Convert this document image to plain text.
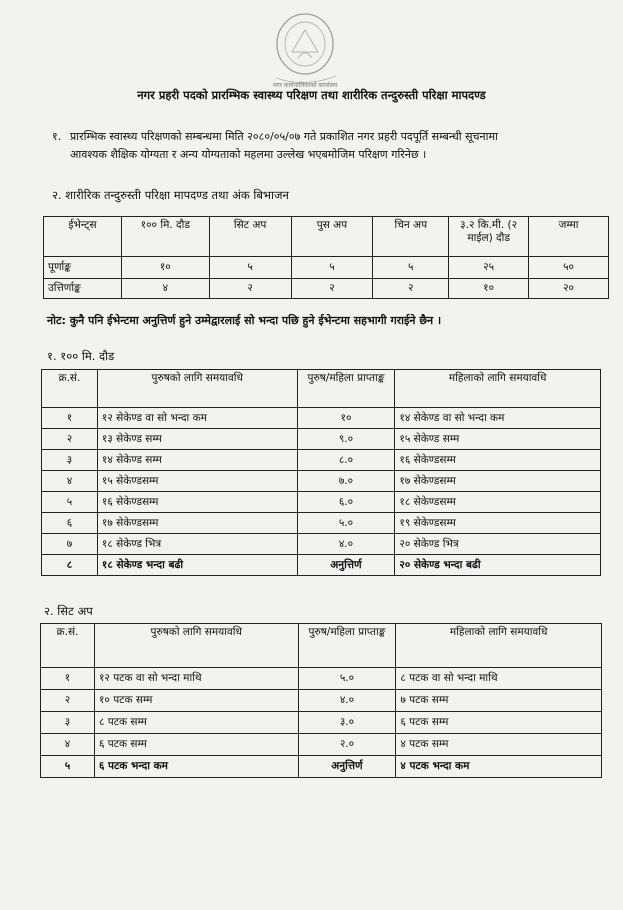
नगर कार्यपालिकाको कार्यालय
नगर प्रहरी पदको प्रारम्भिक स्वास्थ्य परिक्षण तथा शारीरिक तन्दुरुस्ती परिक्षा मापदण्ड
१. प्रारम्भिक स्वास्थ्य परिक्षणको सम्बन्धमा मिति २०८०/०५/०७ गते प्रकाशित नगर प्रहरी पदपूर्ति सम्बन्धी सूचनामा
आवश्यक शैक्षिक योग्यता र अन्य योग्यताको महलमा उल्लेख भएबमोजिम परिक्षण गरिनेछ ।
२. शारीरिक तन्दुरुस्ती परिक्षा मापदण्ड तथा अंक बिभाजन
ईभेन्ट्स	१०० मि. दौड	सिट अप	पुस अप	चिन अप	३.२ कि.मी. (२ माईल) दौड	जम्मा
पूर्णाङ्क	१०	५	५	५	२५	५०
उत्तिर्णाङ्क	४	२	२	२	१०	२०
नोट: कुनै पनि ईभेन्टमा अनुत्तिर्ण हुने उम्मेद्वारलाई सो भन्दा पछि हुने ईभेन्टमा सहभागी गराईने छैन ।
१. १०० मि. दौड
क्र.सं.	पुरुषको लागि समयावधि	पुरुष/महिला प्राप्ताङ्क	महिलाको लागि समयावधि
१	१२ सेकेण्ड वा सो भन्दा कम	१०	१४ सेकेण्ड वा सो भन्दा कम
२	१३ सेकेण्ड सम्म	९.०	१५ सेकेण्ड सम्म
३	१४ सेकेण्ड सम्म	८.०	१६ सेकेण्डसम्म
४	१५ सेकेण्डसम्म	७.०	१७ सेकेण्डसम्म
५	१६ सेकेण्डसम्म	६.०	१८ सेकेण्डसम्म
६	१७ सेकेण्डसम्म	५.०	१९ सेकेण्डसम्म
७	१८ सेकेण्ड भित्र	४.०	२० सेकेण्ड भित्र
८	१८ सेकेण्ड भन्दा बढी	अनुत्तिर्ण	२० सेकेण्ड भन्दा बढी
२. सिट अप
क्र.सं.	पुरुषको लागि समयावधि	पुरुष/महिला प्राप्ताङ्क	महिलाको लागि समयावधि
१	१२ पटक वा सो भन्दा माथि	५.०	८ पटक वा सो भन्दा माथि
२	१० पटक सम्म	४.०	७ पटक सम्म
३	८ पटक सम्म	३.०	६ पटक सम्म
४	६ पटक सम्म	२.०	४ पटक सम्म
५	६ पटक भन्दा कम	अनुत्तिर्ण	४ पटक भन्दा कम
